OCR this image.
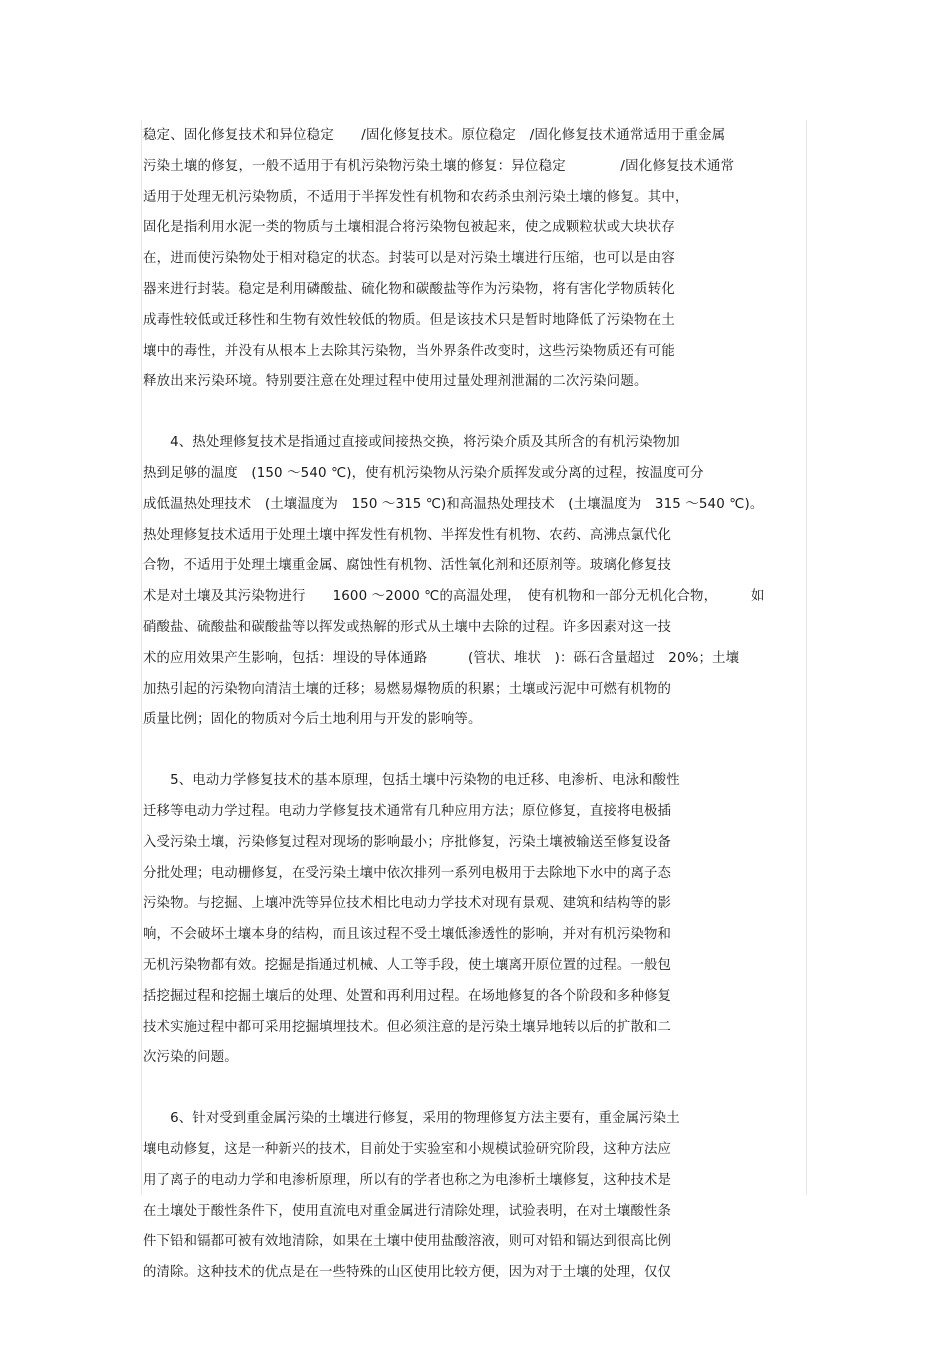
稳定、固化修复技术和异位稳定　　/固化修复技术。原位稳定　/固化修复技术通常适用于重金属
污染土壤的修复，一般不适用于有机污染物污染土壤的修复：异位稳定　　　　/固化修复技术通常
适用于处理无机污染物质，不适用于半挥发性有机物和农药杀虫剂污染土壤的修复。其中，
固化是指利用水泥一类的物质与土壤相混合将污染物包被起来，使之成颗粒状或大块状存
在，进而使污染物处于相对稳定的状态。封装可以是对污染土壤进行压缩，也可以是由容
器来进行封装。稳定是利用磷酸盐、硫化物和碳酸盐等作为污染物，将有害化学物质转化
成毒性较低或迁移性和生物有效性较低的物质。但是该技术只是暂时地降低了污染物在土
壤中的毒性，并没有从根本上去除其污染物，当外界条件改变时，这些污染物质还有可能
释放出来污染环境。特别要注意在处理过程中使用过量处理剂泄漏的二次污染问题。
　　4、热处理修复技术是指通过直接或间接热交换，将污染介质及其所含的有机污染物加
热到足够的温度　(150 ～540 ℃)，使有机污染物从污染介质挥发或分离的过程，按温度可分
成低温热处理技术　(土壤温度为　150 ～315 ℃)和高温热处理技术　(土壤温度为　315 ～540 ℃)。
热处理修复技术适用于处理土壤中挥发性有机物、半挥发性有机物、农药、高沸点氯代化
合物，不适用于处理土壤重金属、腐蚀性有机物、活性氧化剂和还原剂等。玻璃化修复技
术是对土壤及其污染物进行　　1600 ～2000 ℃的高温处理，　使有机物和一部分无机化合物，　　　如
硝酸盐、硫酸盐和碳酸盐等以挥发或热解的形式从土壤中去除的过程。许多因素对这一技
术的应用效果产生影响，包括：埋设的导体通路　　　(管状、堆状　)：砾石含量超过　20%；土壤
加热引起的污染物向清洁土壤的迁移；易燃易爆物质的积累；土壤或污泥中可燃有机物的
质量比例；固化的物质对今后土地利用与开发的影响等。
　　5、电动力学修复技术的基本原理，包括土壤中污染物的电迁移、电渗析、电泳和酸性
迁移等电动力学过程。电动力学修复技术通常有几种应用方法；原位修复，直接将电极插
入受污染土壤，污染修复过程对现场的影响最小；序批修复，污染土壤被输送至修复设备
分批处理；电动栅修复，在受污染土壤中依次排列一系列电极用于去除地下水中的离子态
污染物。与挖掘、上壤冲洗等异位技术相比电动力学技术对现有景观、建筑和结构等的影
响，不会破坏土壤本身的结构，而且该过程不受土壤低渗透性的影响，并对有机污染物和
无机污染物都有效。挖掘是指通过机械、人工等手段，使土壤离开原位置的过程。一般包
括挖掘过程和挖掘土壤后的处理、处置和再利用过程。在场地修复的各个阶段和多种修复
技术实施过程中都可采用挖掘填埋技术。但必须注意的是污染土壤异地转以后的扩散和二
次污染的问题。
　　6、针对受到重金属污染的土壤进行修复，采用的物理修复方法主要有，重金属污染土
壤电动修复，这是一种新兴的技术，目前处于实验室和小规模试验研究阶段，这种方法应
用了离子的电动力学和电渗析原理，所以有的学者也称之为电渗析土壤修复，这种技术是
在土壤处于酸性条件下，使用直流电对重金属进行清除处理，试验表明，在对土壤酸性条
件下铅和镉都可被有效地清除，如果在土壤中使用盐酸溶液，则可对铅和镉达到很高比例
的清除。这种技术的优点是在一些特殊的山区使用比较方便，因为对于土壤的处理，仅仅
